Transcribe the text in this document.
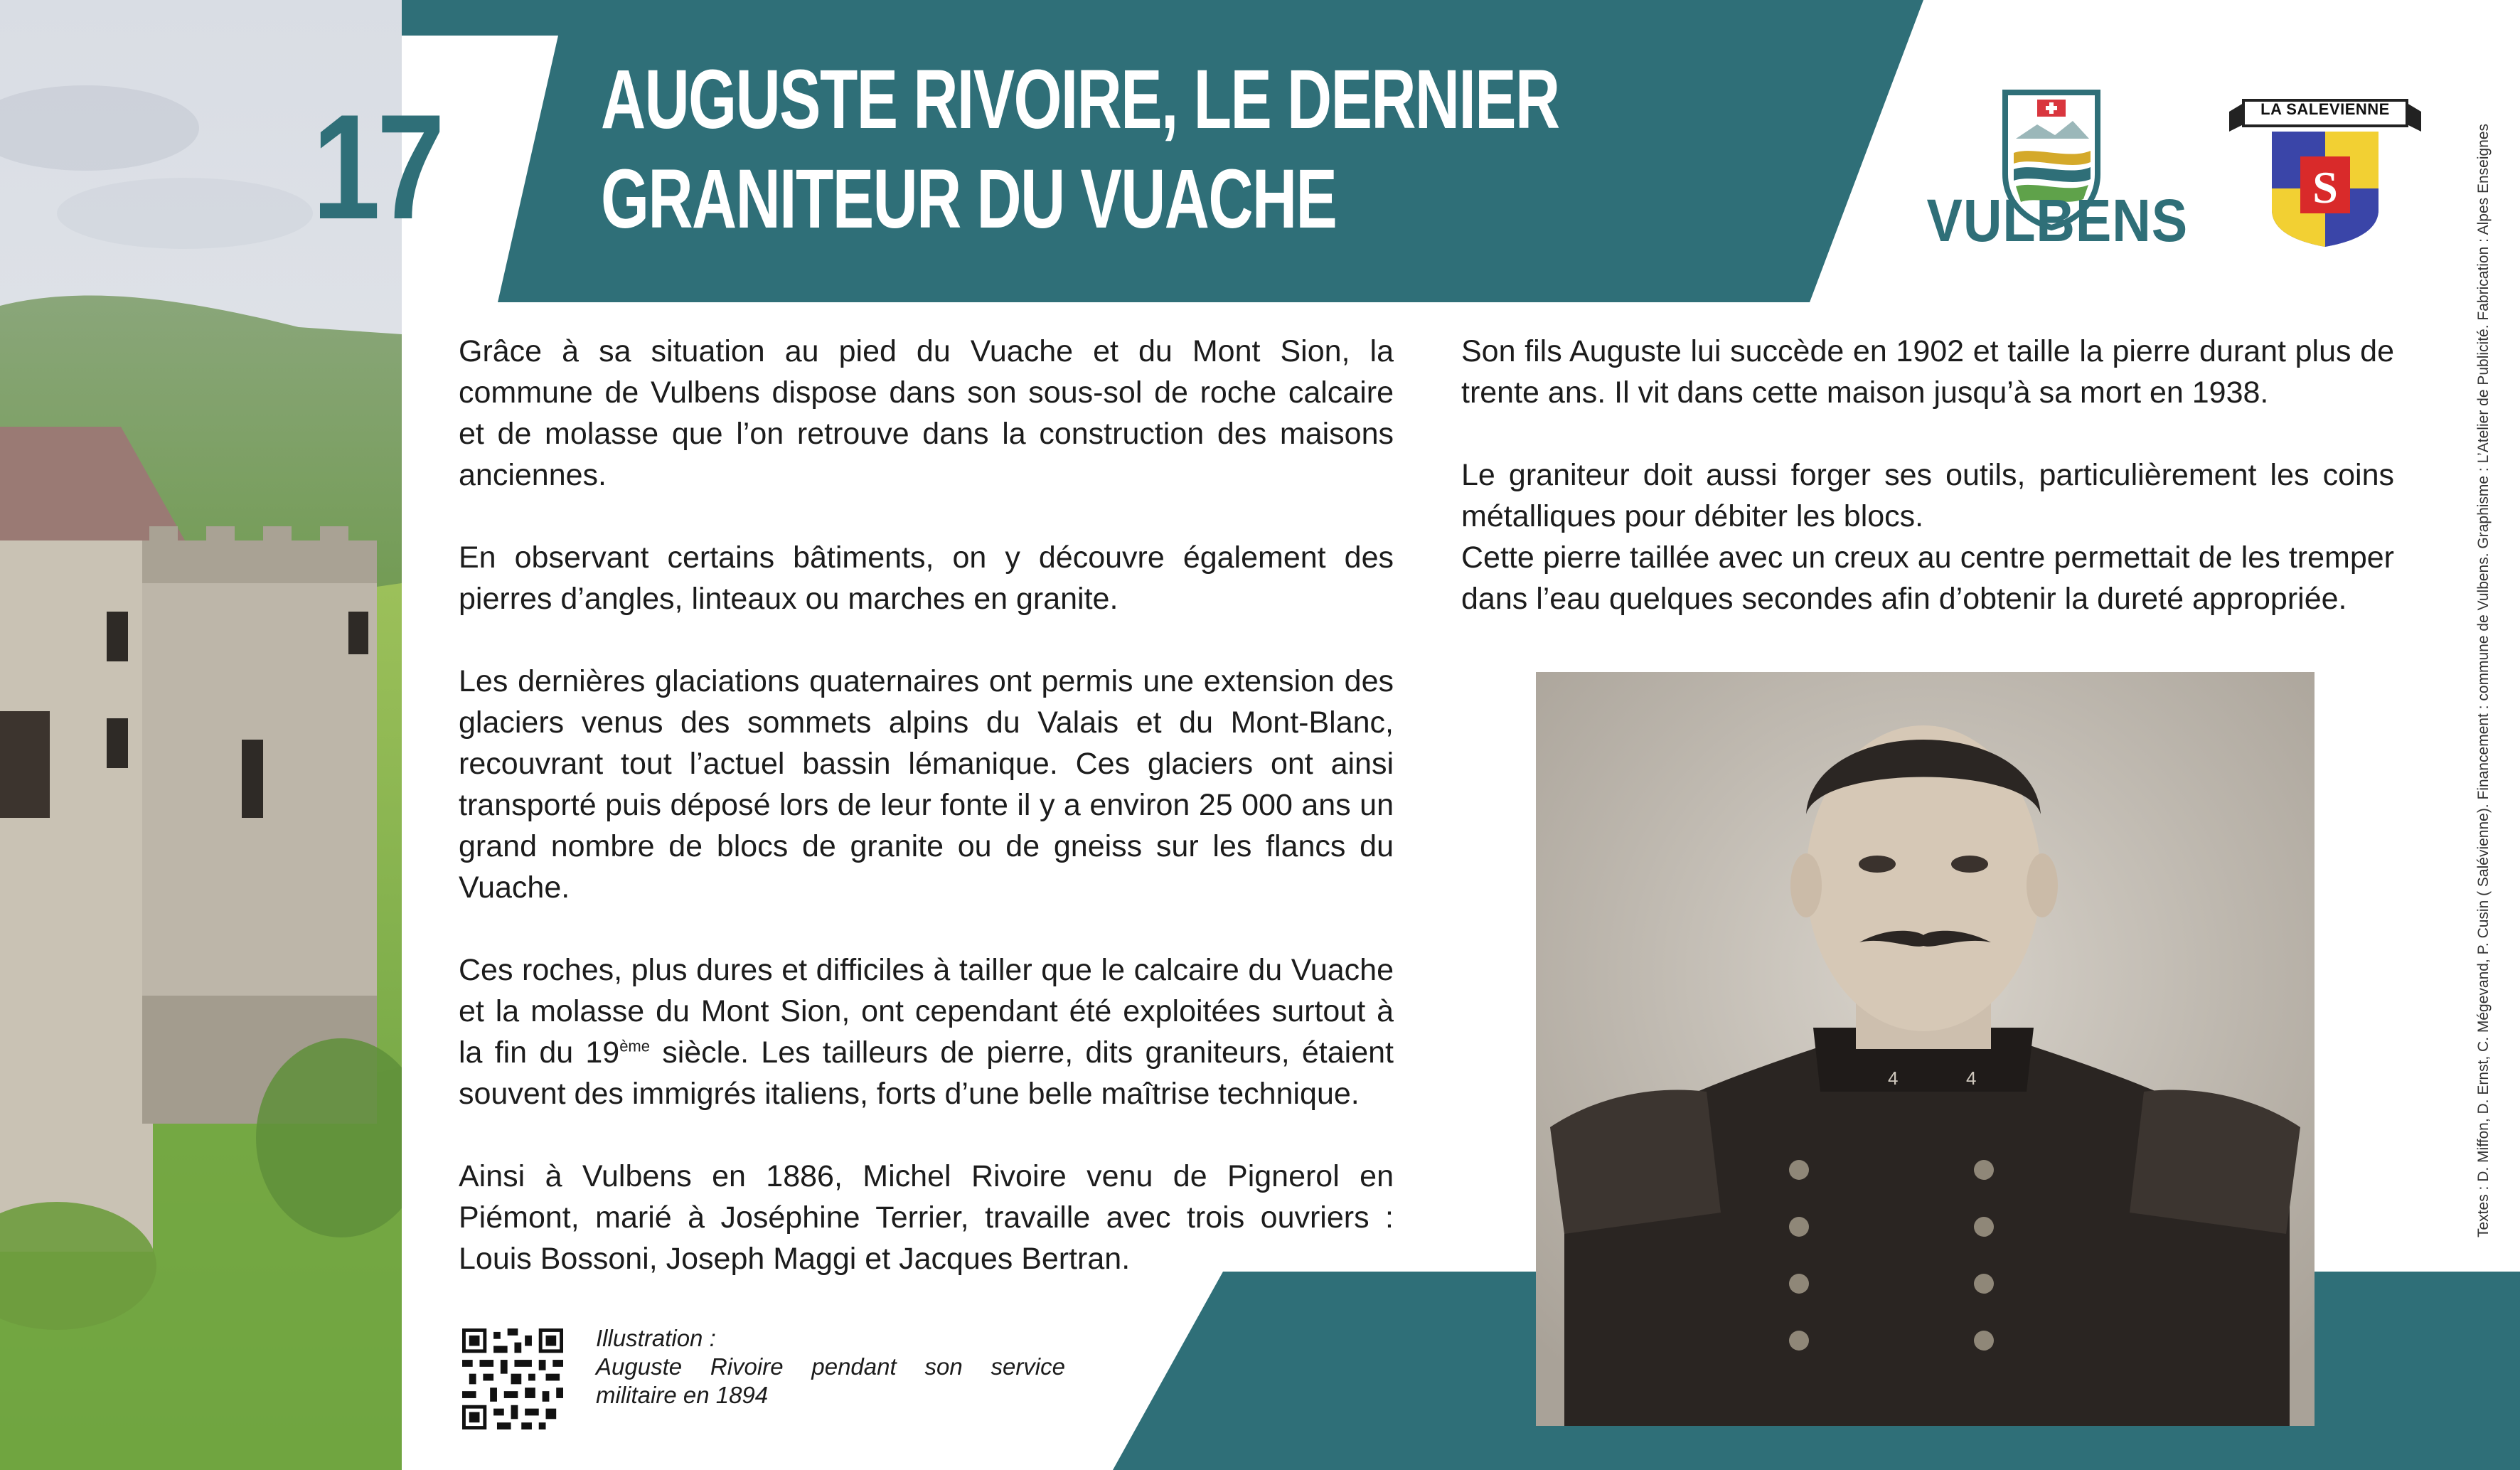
17 AUGUSTE RIVOIRE, LE DERNIER
GRANITEUR DU VUACHE	VULBENS	S
LA SALEVIENNE

Grâce à sa situation au pied du Vuache et du Mont Sion, la commune de Vulbens dispose dans son sous-sol de roche calcaire et de molasse que l’on retrouve dans la construction des maisons anciennes.

En observant certains bâtiments, on y découvre également des pierres d’angles, linteaux ou marches en granite.

Les dernières glaciations quaternaires ont permis une extension des glaciers venus des sommets alpins du Valais et du Mont-Blanc, recouvrant tout l’actuel bassin lémanique. Ces glaciers ont ainsi transporté puis déposé lors de leur fonte il y a environ 25 000 ans un grand nombre de blocs de granite ou de gneiss sur les flancs du Vuache.

Ces roches, plus dures et difficiles à tailler que le calcaire du Vuache et la molasse du Mont Sion, ont cependant été exploitées surtout à la fin du 19ème siècle. Les tailleurs de pierre, dits graniteurs, étaient souvent des immigrés italiens, forts d’une belle maîtrise technique.

Ainsi à Vulbens en 1886, Michel Rivoire venu de Pignerol en Piémont, marié à Joséphine Terrier, travaille avec trois ouvriers : Louis Bossoni, Joseph Maggi et Jacques Bertran.

Son fils Auguste lui succède en 1902 et taille la pierre durant plus de trente ans. Il vit dans cette maison jusqu’à sa mort en 1938.

Le graniteur doit aussi forger ses outils, particulièrement les coins métalliques pour débiter les blocs.

Cette pierre taillée avec un creux au centre permettait de les tremper dans l’eau quelques secondes afin d’obtenir la dureté appropriée.

4	4
Illustration :
Auguste Rivoire pendant son service
militaire en 1894
Textes : D. Miffon, D. Ernst, C. Mégevand, P. Cusin ( Salévienne). Financement : commune de Vulbens. Graphisme : L’Atelier de Publicité. Fabrication : Alpes Enseignes
